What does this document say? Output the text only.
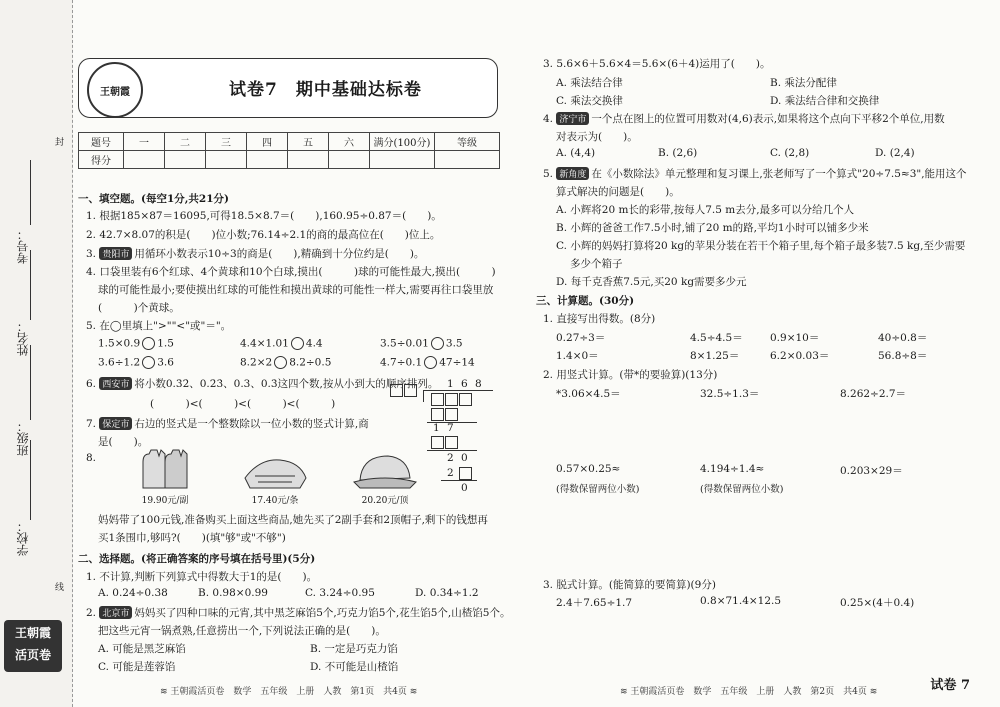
学校：
班级：
姓名：
考号：
封
线
王朝霞
活页卷
王朝霞	试卷7　期中基础达标卷
题号	一	二	三	四	五	六	满分(100分)	等级
得分								
一、填空题。(每空1分,共21分)
1. 根据185×87＝16095,可得18.5×8.7＝(　　),160.95÷0.87＝(　　)。
2. 42.7×8.07的积是(　　)位小数;76.14÷2.1的商的最高位在(　　)位上。
3. 贵阳市 用循环小数表示10÷3的商是(　　),精确到十分位约是(　　)。
4. 口袋里装有6个红球、4个黄球和10个白球,摸出(　　　)球的可能性最大,摸出(　　　)
球的可能性最小;要使摸出红球的可能性和摸出黄球的可能性一样大,需要再往口袋里放
(　　　)个黄球。
5. 在◯里填上">""<"或"＝"。
1.5×0.9 1.5	4.4×1.01 4.4	3.5÷0.01 3.5
3.6÷1.2 3.6	8.2×2 8.2÷0.5	4.7÷0.1 47÷14
6. 西安市 将小数0.3̇2̇、0.2̇3̇、0.3、0.3̇这四个数,按从小到大的顺序排列。
(　　　)<(　　　)<(　　　)<(　　　)
7. 保定市 右边的竖式是一个整数除以一位小数的竖式计算,商
是(　　)。
1 6 8
1 7
2 0
2
0
8.
19.90元/副	17.40元/条	20.20元/顶
妈妈带了100元钱,准备购买上面这些商品,她先买了2副手套和2顶帽子,剩下的钱想再
买1条围巾,够吗?(　　)(填"够"或"不够")
二、选择题。(将正确答案的序号填在括号里)(5分)
1. 不计算,判断下列算式中得数大于1的是(　　)。
A. 0.24÷0.38	B. 0.98×0.99	C. 3.24÷0.95	D. 0.34÷1.2
2. 北京市 妈妈买了四种口味的元宵,其中黑芝麻馅5个,巧克力馅5个,花生馅5个,山楂馅5个。
把这些元宵一锅煮熟,任意捞出一个,下列说法正确的是(　　)。
A. 可能是黑芝麻馅	B. 一定是巧克力馅
C. 可能是莲蓉馅	D. 不可能是山楂馅
≋ 王朝霞活页卷　数学　五年级　上册　人教　第1页　共4页 ≋
3. 5.6×6＋5.6×4＝5.6×(6＋4)运用了(　　)。
A. 乘法结合律	B. 乘法分配律
C. 乘法交换律	D. 乘法结合律和交换律
4. 济宁市 一个点在图上的位置可用数对(4,6)表示,如果将这个点向下平移2个单位,用数
对表示为(　　)。
A. (4,4)	B. (2,6)	C. (2,8)	D. (2,4)
5. 新角度 在《小数除法》单元整理和复习课上,张老师写了一个算式"20÷7.5≈3",能用这个
算式解决的问题是(　　)。
A. 小辉将20 m长的彩带,按每人7.5 m去分,最多可以分给几个人
B. 小辉的爸爸工作7.5小时,铺了20 m的路,平均1小时可以铺多少米
C. 小辉的妈妈打算将20 kg的苹果分装在若干个箱子里,每个箱子最多装7.5 kg,至少需要
多少个箱子
D. 每千克香蕉7.5元,买20 kg需要多少元
三、计算题。(30分)
1. 直接写出得数。(8分)
0.27÷3＝	4.5÷4.5＝	0.9×10＝	40÷0.8＝
1.4×0＝	8×1.25＝	6.2×0.03＝	56.8÷8＝
2. 用竖式计算。(带*的要验算)(13分)
*3.06×4.5＝	32.5÷1.3＝	8.262÷2.7＝
0.57×0.25≈	4.194÷1.4≈	0.203×29＝
(得数保留两位小数)	(得数保留两位小数)
3. 脱式计算。(能简算的要简算)(9分)
2.4＋7.65÷1.7	0.8×71.4×12.5	0.25×(4＋0.4)
≋ 王朝霞活页卷　数学　五年级　上册　人教　第2页　共4页 ≋	试卷 7
